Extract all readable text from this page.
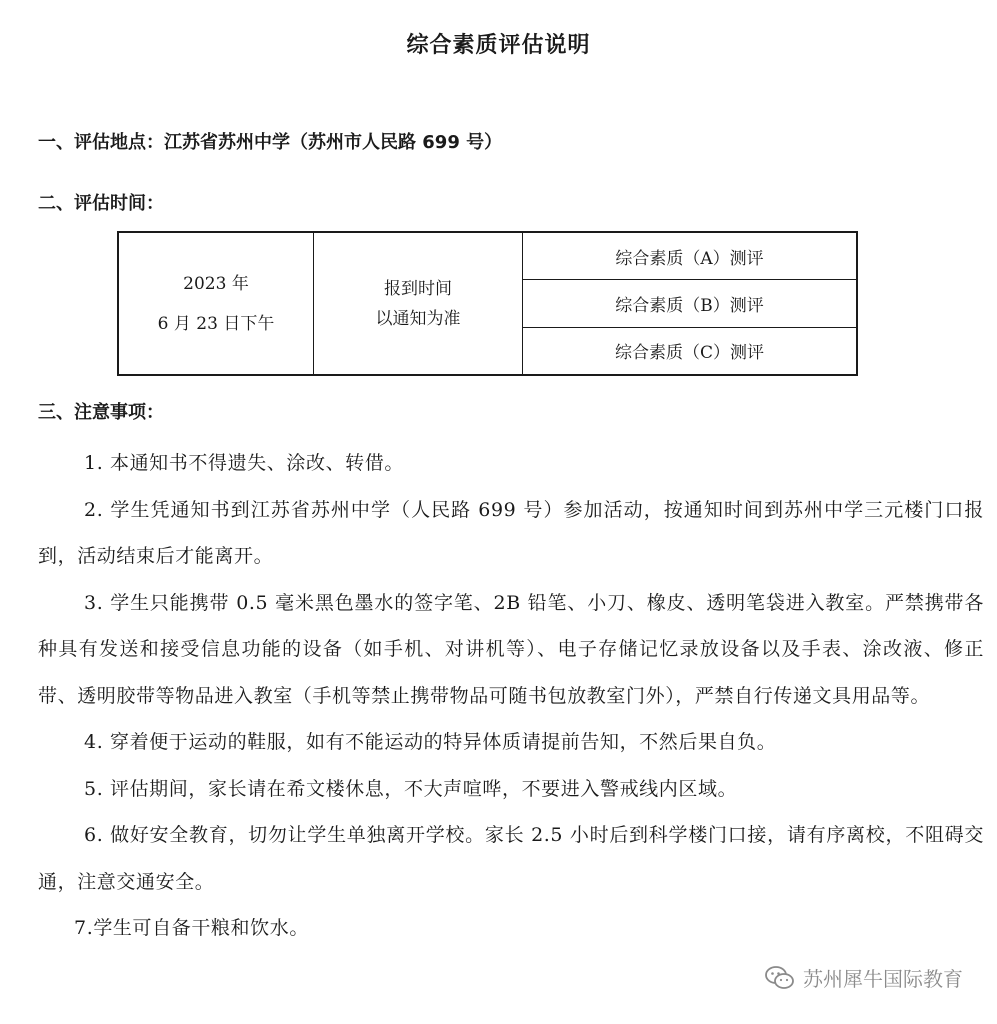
综合素质评估说明
一、评估地点：江苏省苏州中学（苏州市人民路 699 号）
二、评估时间：
2023 年
6 月 23 日下午
报到时间
以通知为准
综合素质（A）测评
综合素质（B）测评
综合素质（C）测评
三、注意事项：

1. 本通知书不得遗失、涂改、转借。

2. 学生凭通知书到江苏省苏州中学（人民路 699 号）参加活动，按通知时间到苏州中学三元楼门口报到，活动结束后才能离开。

3. 学生只能携带 0.5 毫米黑色墨水的签字笔、2B 铅笔、小刀、橡皮、透明笔袋进入教室。严禁携带各种具有发送和接受信息功能的设备（如手机、对讲机等）、电子存储记忆录放设备以及手表、涂改液、修正带、透明胶带等物品进入教室（手机等禁止携带物品可随书包放教室门外），严禁自行传递文具用品等。

4. 穿着便于运动的鞋服，如有不能运动的特异体质请提前告知，不然后果自负。

5. 评估期间，家长请在希文楼休息，不大声喧哗，不要进入警戒线内区域。

6. 做好安全教育，切勿让学生单独离开学校。家长 2.5 小时后到科学楼门口接，请有序离校，不阻碍交通，注意交通安全。

7.学生可自备干粮和饮水。

苏州犀牛国际教育
